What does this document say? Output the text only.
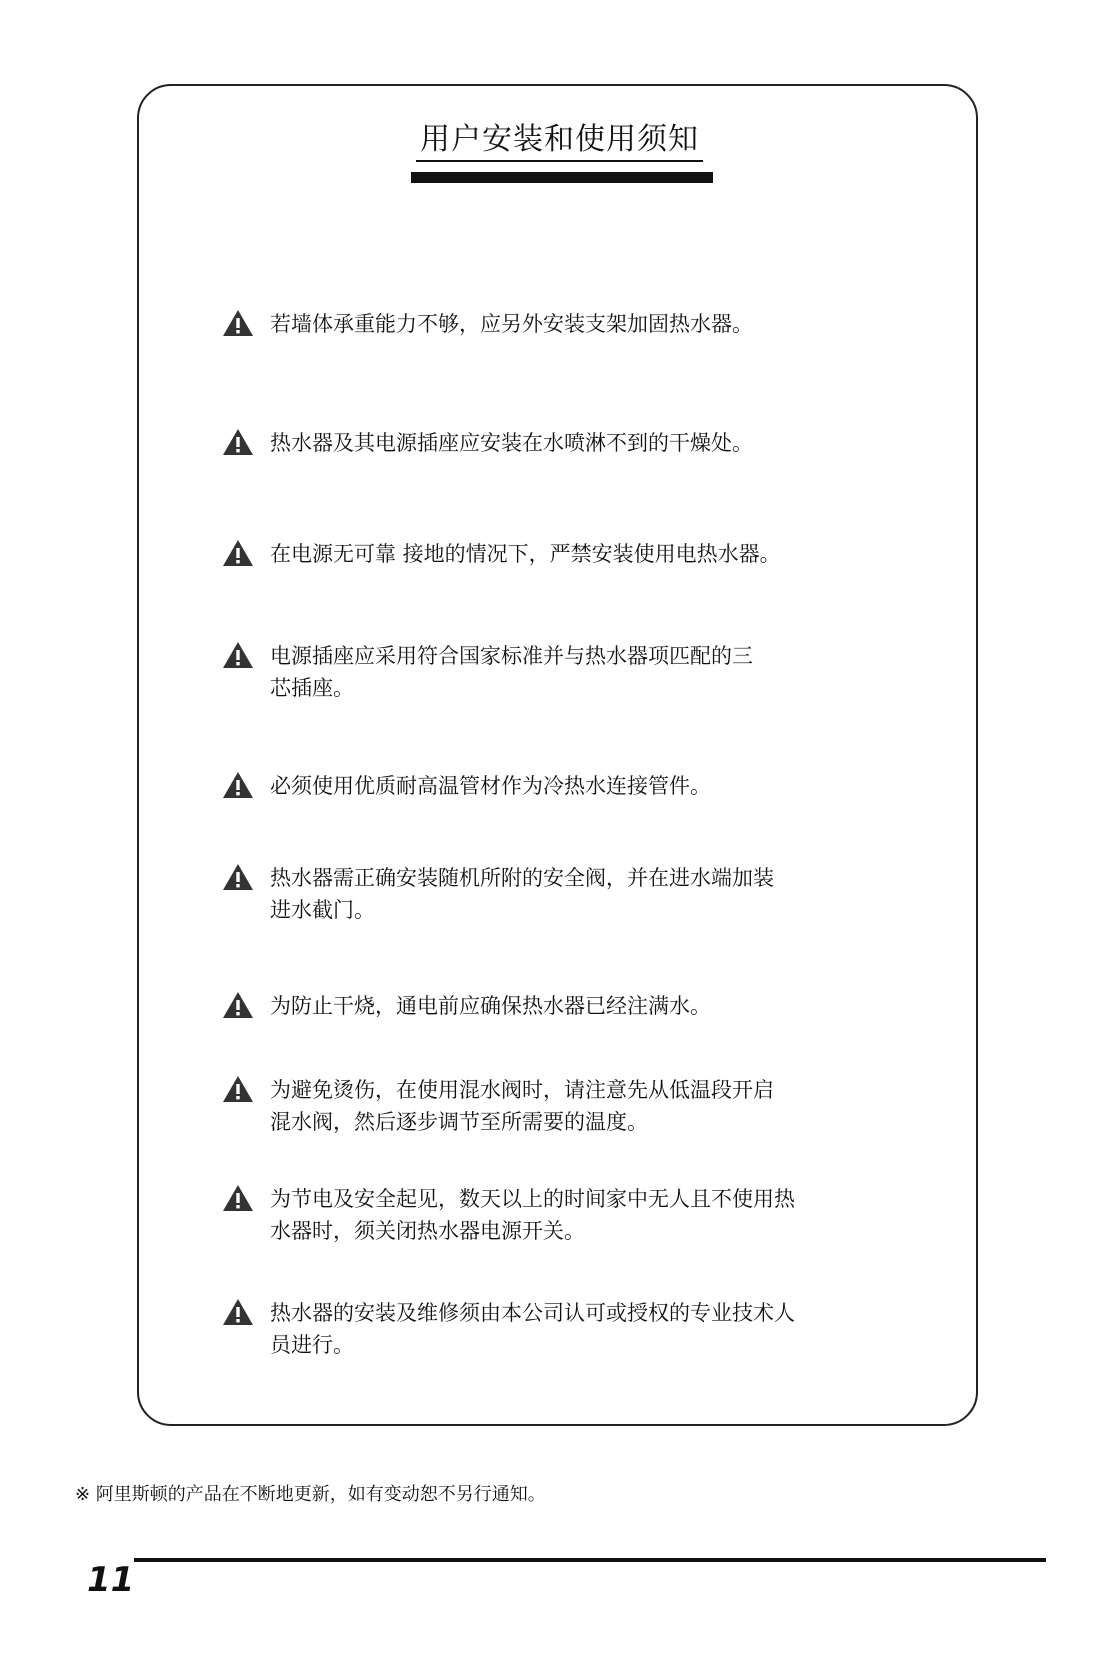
用户安装和使用须知
若墙体承重能力不够，应另外安装支架加固热水器。
热水器及其电源插座应安装在水喷淋不到的干燥处。
在电源无可靠 接地的情况下，严禁安装使用电热水器。
电源插座应采用符合国家标准并与热水器项匹配的三
芯插座。
必须使用优质耐高温管材作为冷热水连接管件。
热水器需正确安装随机所附的安全阀，并在进水端加装
进水截门。
为防止干烧，通电前应确保热水器已经注满水。
为避免烫伤，在使用混水阀时，请注意先从低温段开启
混水阀，然后逐步调节至所需要的温度。
为节电及安全起见，数天以上的时间家中无人且不使用热
水器时，须关闭热水器电源开关。
热水器的安装及维修须由本公司认可或授权的专业技术人
员进行。
※ 阿里斯顿的产品在不断地更新，如有变动恕不另行通知。
11
